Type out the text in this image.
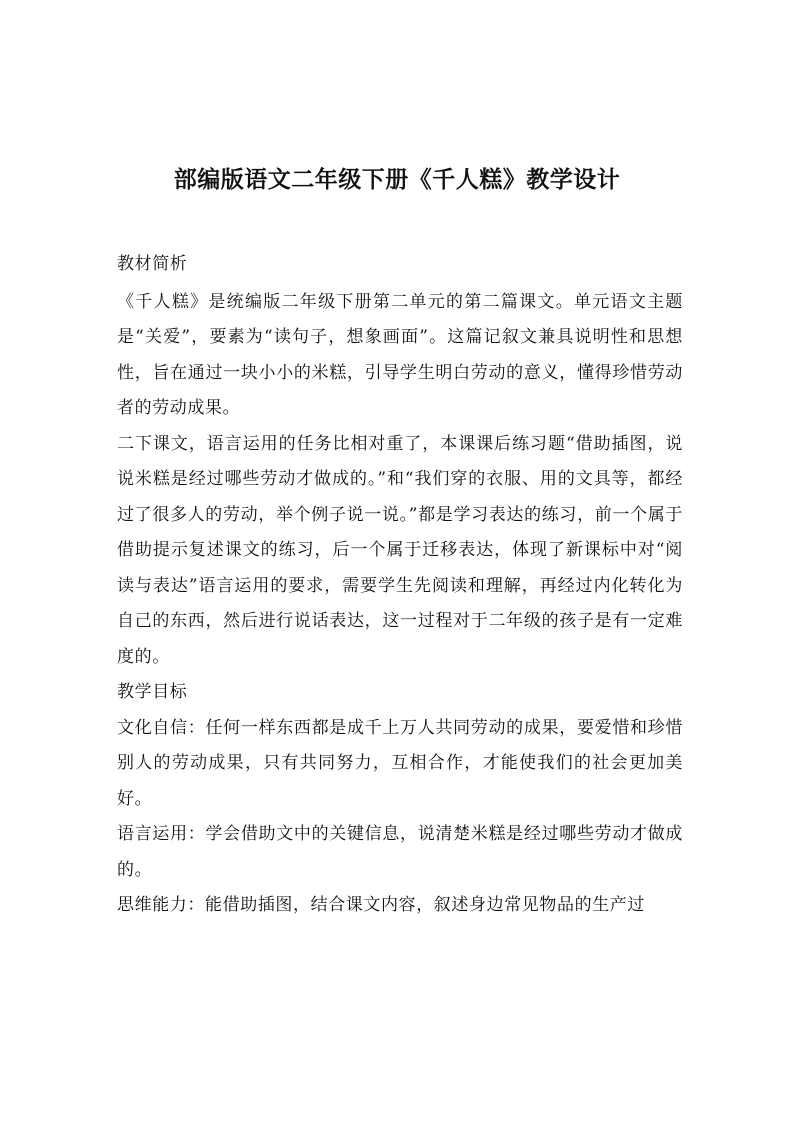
部编版语文二年级下册《千人糕》教学设计

教材简析

《千人糕》是统编版二年级下册第二单元的第二篇课文。单元语文主题是“关爱”，要素为“读句子，想象画面”。这篇记叙文兼具说明性和思想性，旨在通过一块小小的米糕，引导学生明白劳动的意义，懂得珍惜劳动者的劳动成果。

二下课文，语言运用的任务比相对重了，本课课后练习题“借助插图，说说米糕是经过哪些劳动才做成的。”和“我们穿的衣服、用的文具等，都经过了很多人的劳动，举个例子说一说。”都是学习表达的练习，前一个属于借助提示复述课文的练习，后一个属于迁移表达，体现了新课标中对“阅读与表达”语言运用的要求，需要学生先阅读和理解，再经过内化转化为自己的东西，然后进行说话表达，这一过程对于二年级的孩子是有一定难度的。

教学目标

文化自信：任何一样东西都是成千上万人共同劳动的成果，要爱惜和珍惜别人的劳动成果，只有共同努力，互相合作，才能使我们的社会更加美好。

语言运用：学会借助文中的关键信息，说清楚米糕是经过哪些劳动才做成的。

思维能力：能借助插图，结合课文内容，叙述身边常见物品的生产过
